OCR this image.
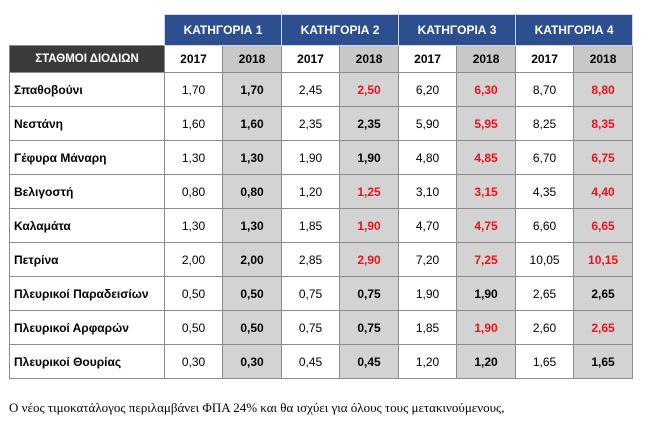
	ΚΑΤΗΓΟΡΙΑ 1		ΚΑΤΗΓΟΡΙΑ 2		ΚΑΤΗΓΟΡΙΑ 3		ΚΑΤΗΓΟΡΙΑ 4	
ΣΤΑΘΜΟΙ ΔΙΟΔΙΩΝ	2017	2018	2017	2018	2017	2018	2017	2018
Σπαθοβούνι	1,70	1,70	2,45	2,50	6,20	6,30	8,70	8,80
Νεστάνη	1,60	1,60	2,35	2,35	5,90	5,95	8,25	8,35
Γέφυρα Μάναρη	1,30	1,30	1,90	1,90	4,80	4,85	6,70	6,75
Βελιγοστή	0,80	0,80	1,20	1,25	3,10	3,15	4,35	4,40
Καλαμάτα	1,30	1,30	1,85	1,90	4,70	4,75	6,60	6,65
Πετρίνα	2,00	2,00	2,85	2,90	7,20	7,25	10,05	10,15
Πλευρικοί Παραδεισίων	0,50	0,50	0,75	0,75	1,90	1,90	2,65	2,65
Πλευρικοί Αρφαρών	0,50	0,50	0,75	0,75	1,85	1,90	2,60	2,65
Πλευρικοί Θουρίας	0,30	0,30	0,45	0,45	1,20	1,20	1,65	1,65

Ο νέος τιμοκατάλογος περιλαμβάνει ΦΠΑ 24% και θα ισχύει για όλους τους μετακινούμενους,
